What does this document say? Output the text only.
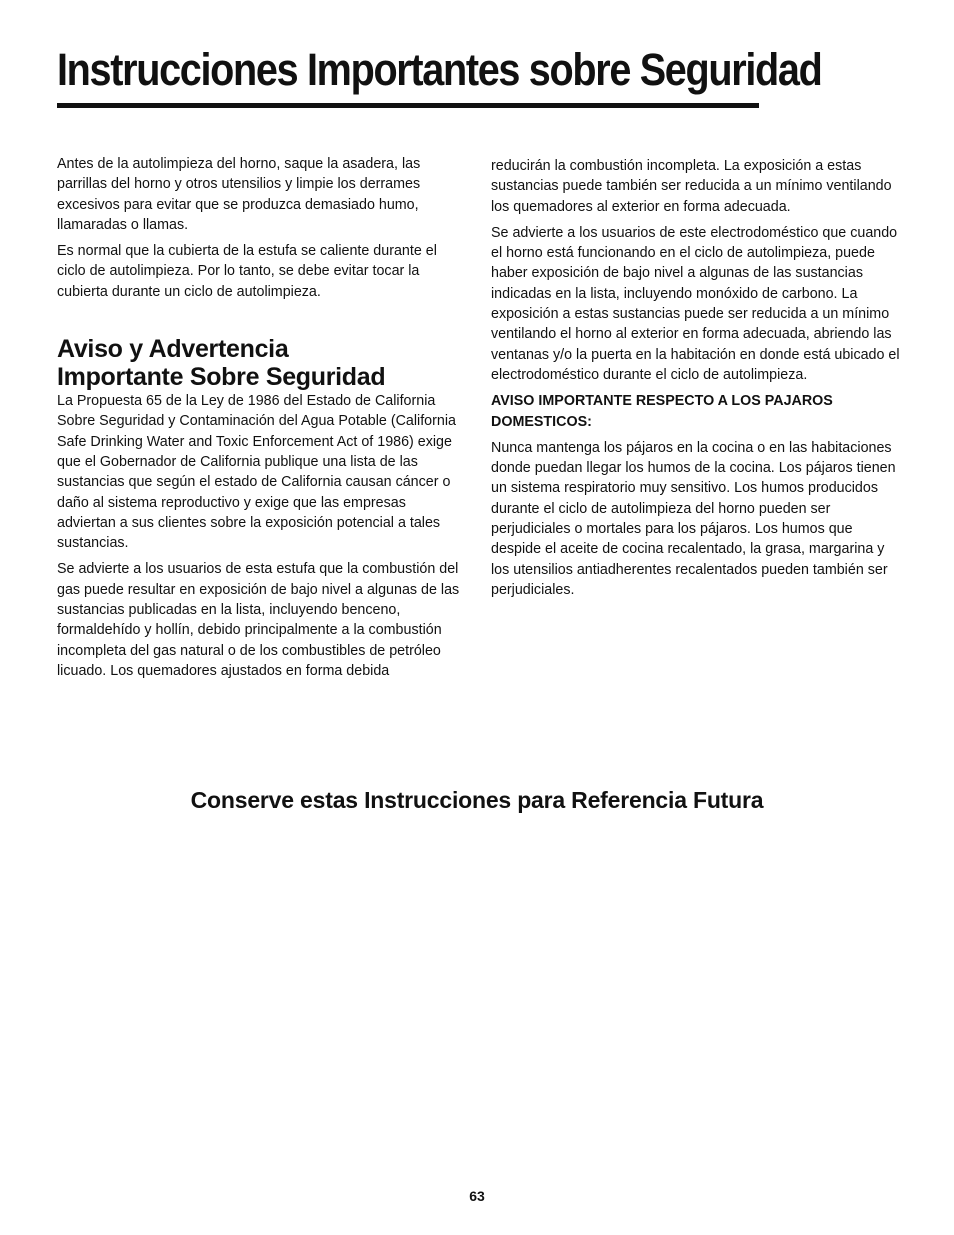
Instrucciones Importantes sobre Seguridad

Antes de la autolimpieza del horno, saque la asadera, las parrillas del horno y otros utensilios y limpie los derrames excesivos para evitar que se produzca demasiado humo, llamaradas o llamas.

Es normal que la cubierta de la estufa se caliente durante el ciclo de autolimpieza. Por lo tanto, se debe evitar tocar la cubierta durante un ciclo de autolimpieza.

Aviso y Advertencia
Importante Sobre Seguridad

La Propuesta 65 de la Ley de 1986 del Estado de California Sobre Seguridad y Contaminación del Agua Potable (California Safe Drinking Water and Toxic Enforcement Act of 1986) exige que el Gobernador de California publique una lista de las sustancias que según el estado de California causan cáncer o daño al sistema reproductivo y exige que las empresas adviertan a sus clientes sobre la exposición potencial a tales sustancias.

Se advierte a los usuarios de esta estufa que la combustión del gas puede resultar en exposición de bajo nivel a algunas de las sustancias publicadas en la lista, incluyendo benceno, formaldehído y hollín, debido principalmente a la combustión incompleta del gas natural o de los combustibles de petróleo licuado. Los quemadores ajustados en forma debida

reducirán la combustión incompleta. La exposición a estas sustancias puede también ser reducida a un mínimo ventilando los quemadores al exterior en forma adecuada.

Se advierte a los usuarios de este electrodoméstico que cuando el horno está funcionando en el ciclo de autolimpieza, puede haber exposición de bajo nivel a algunas de las sustancias indicadas en la lista, incluyendo monóxido de carbono. La exposición a estas sustancias puede ser reducida a un mínimo ventilando el horno al exterior en forma adecuada, abriendo las ventanas y/o la puerta en la habitación en donde está ubicado el electrodoméstico durante el ciclo de autolimpieza.

AVISO IMPORTANTE RESPECTO A LOS PAJAROS DOMESTICOS:

Nunca mantenga los pájaros en la cocina o en las habitaciones donde puedan llegar los humos de la cocina. Los pájaros tienen un sistema respiratorio muy sensitivo. Los humos producidos durante el ciclo de autolimpieza del horno pueden ser perjudiciales o mortales para los pájaros. Los humos que despide el aceite de cocina recalentado, la grasa, margarina y los utensilios antiadherentes recalentados pueden también ser perjudiciales.

Conserve estas Instrucciones para Referencia Futura
63
